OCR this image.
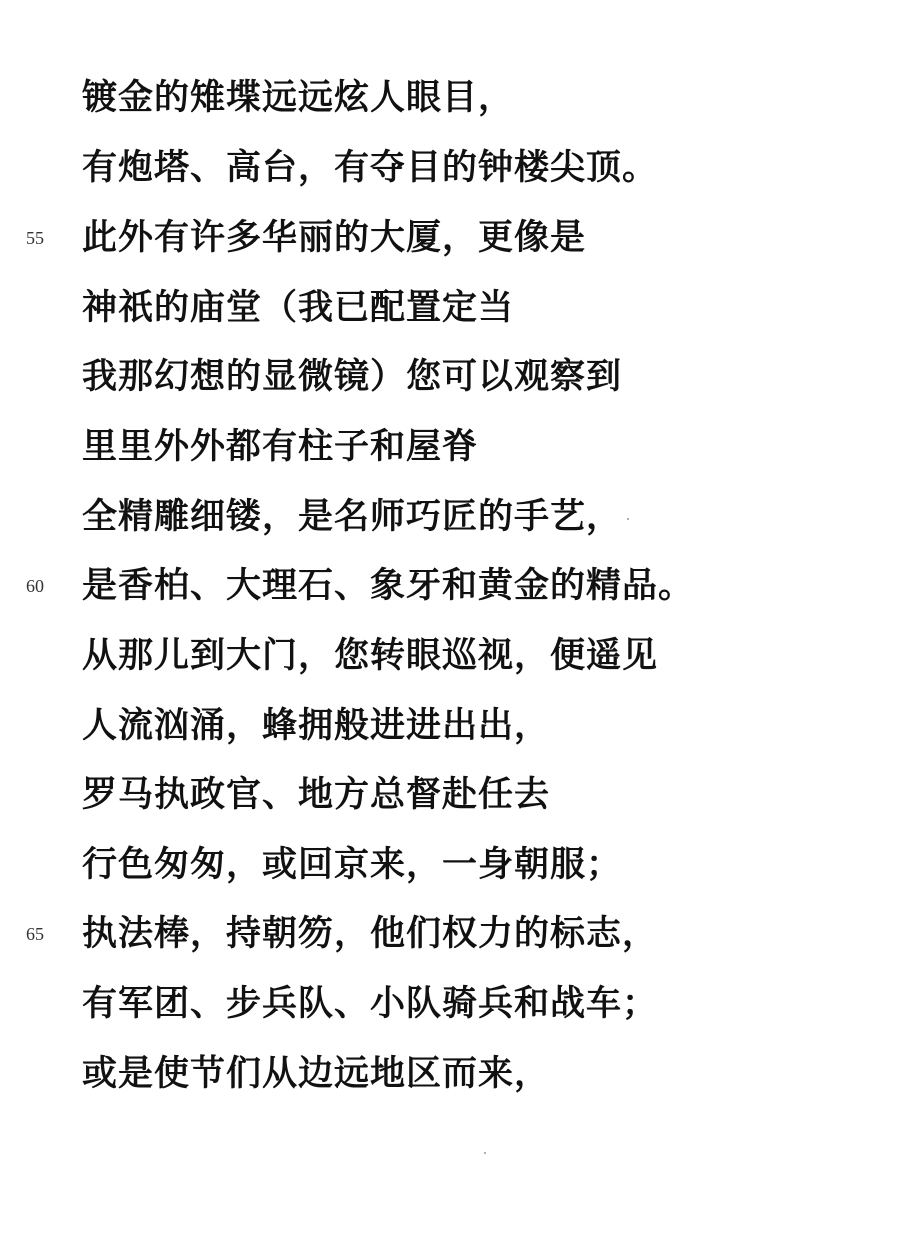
镀金的雉堞远远炫人眼目，
有炮塔、高台，有夺目的钟楼尖顶。
55 此外有许多华丽的大厦，更像是
神祇的庙堂（我已配置定当
我那幻想的显微镜）您可以观察到
里里外外都有柱子和屋脊
全精雕细镂，是名师巧匠的手艺，
60 是香柏、大理石、象牙和黄金的精品。
从那儿到大门，您转眼巡视，便遥见
人流汹涌，蜂拥般进进出出，
罗马执政官、地方总督赴任去
行色匆匆，或回京来，一身朝服；
65 执法棒，持朝笏，他们权力的标志，
有军团、步兵队、小队骑兵和战车；
或是使节们从边远地区而来，
